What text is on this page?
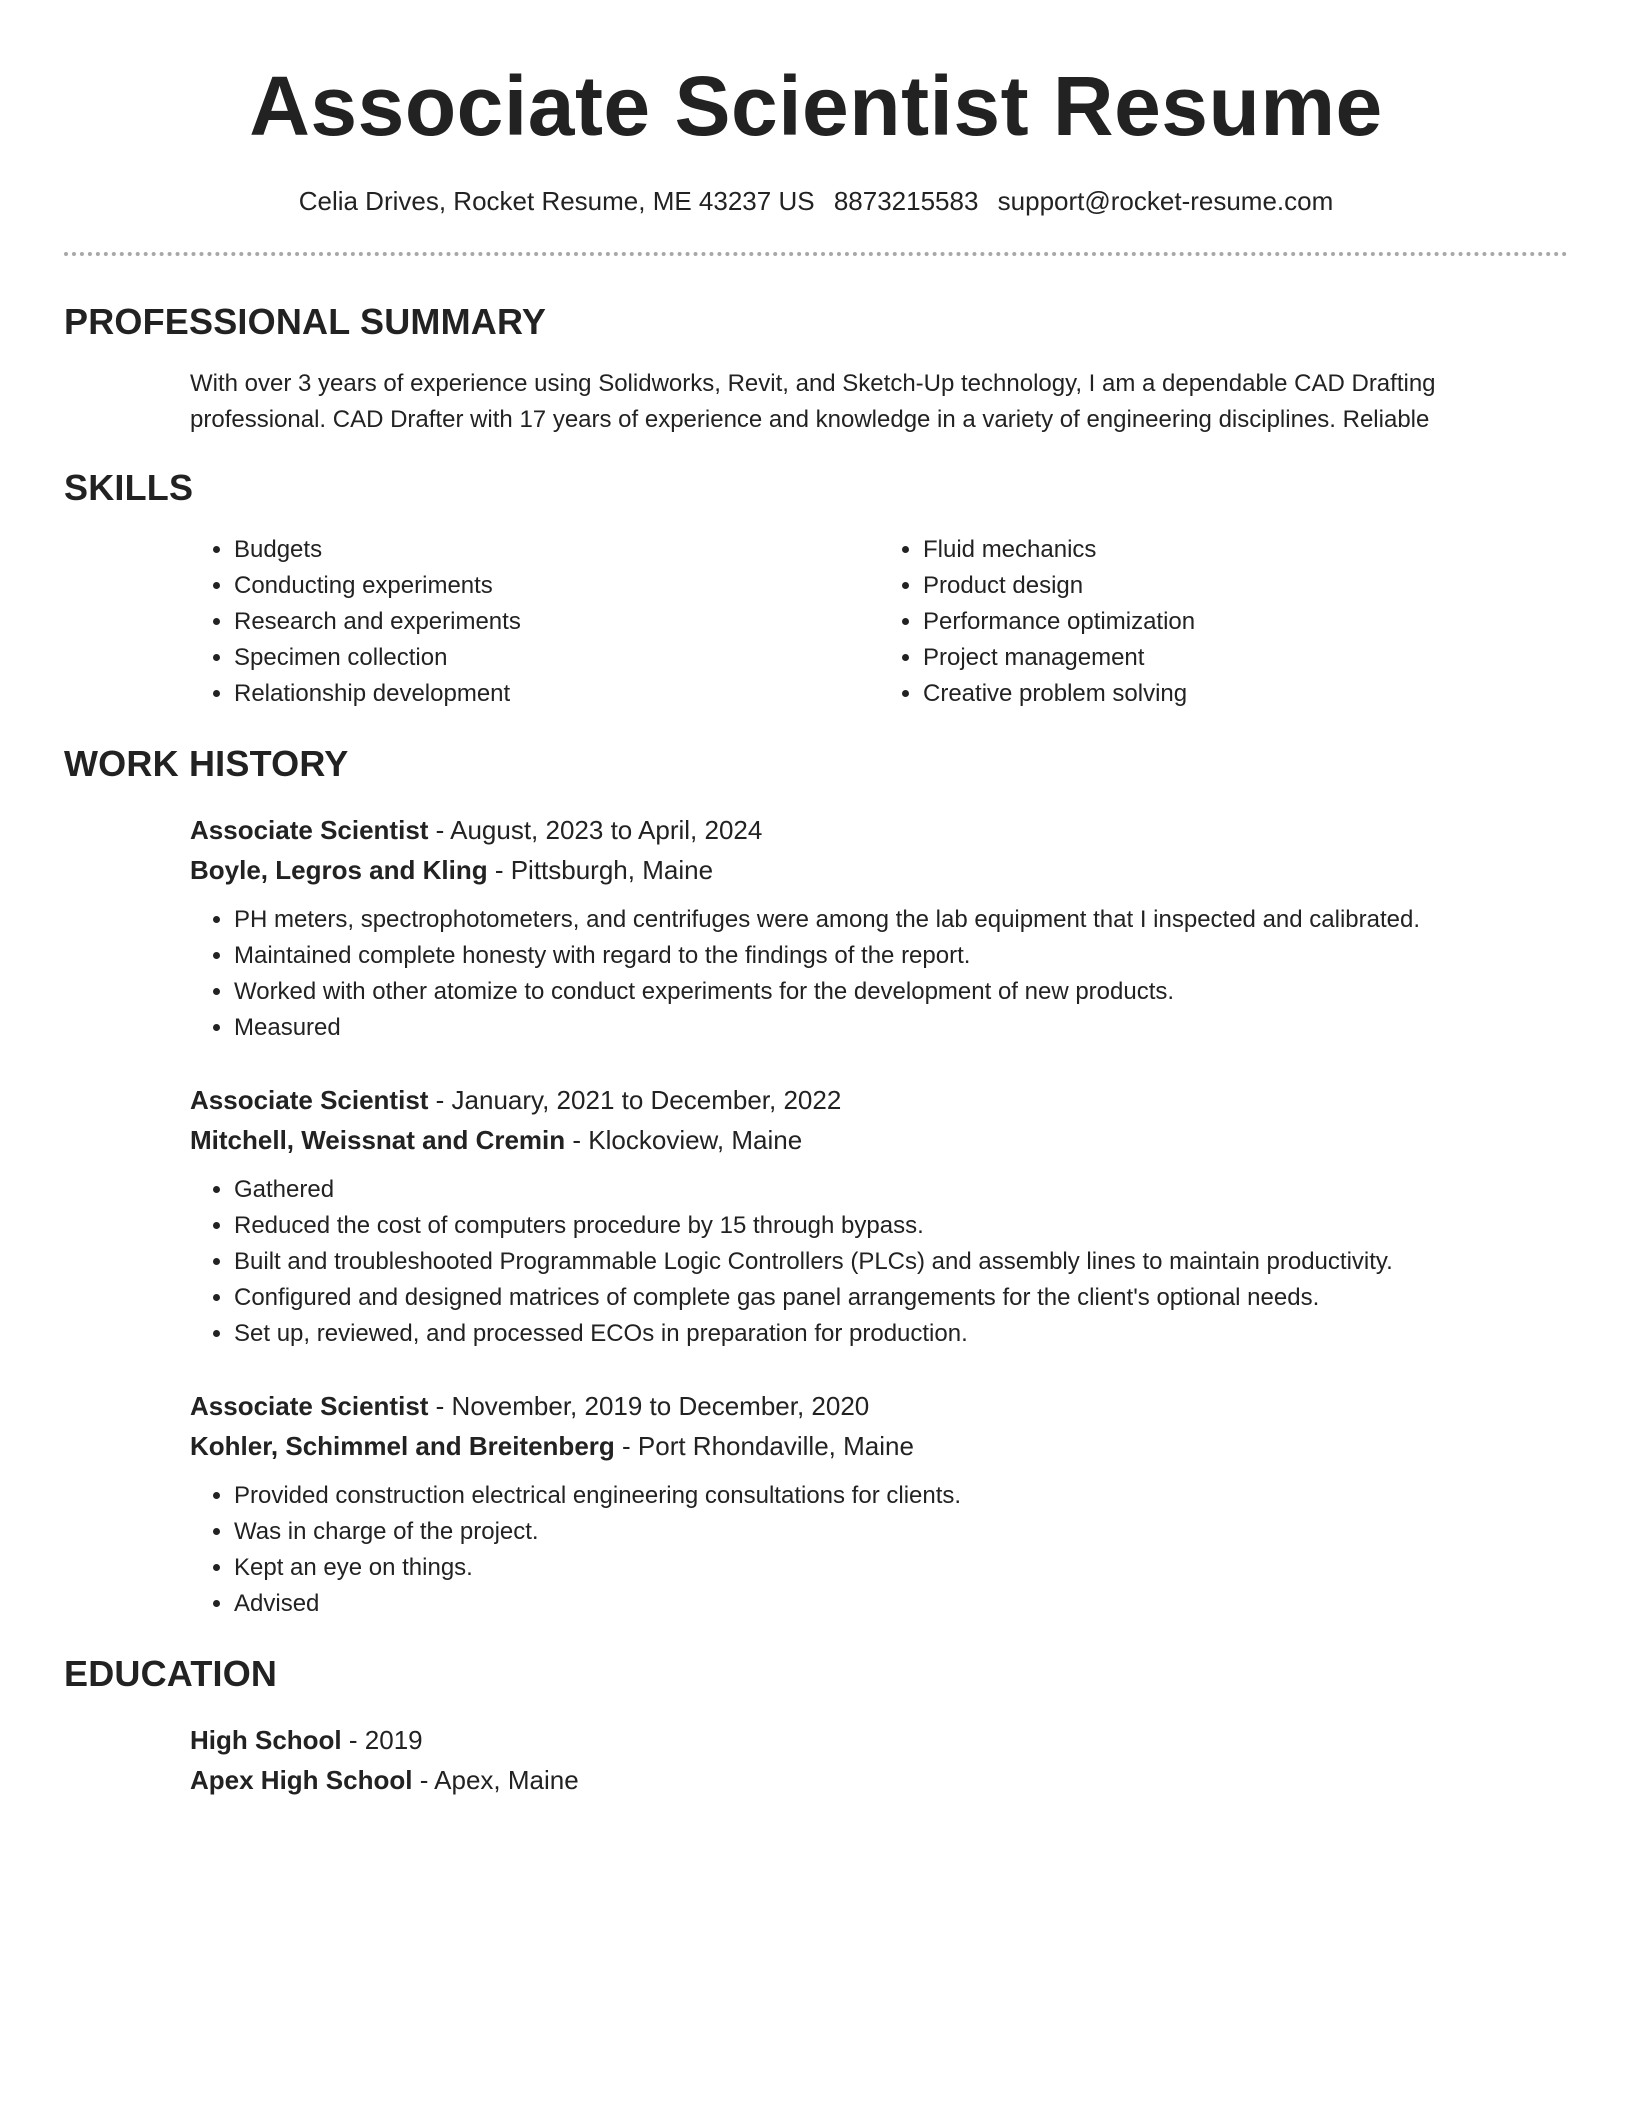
Associate Scientist Resume
Celia Drives, Rocket Resume, ME 43237 US 8873215583 support@rocket-resume.com
PROFESSIONAL SUMMARY
With over 3 years of experience using Solidworks, Revit, and Sketch-Up technology, I am a dependable CAD Drafting professional. CAD Drafter with 17 years of experience and knowledge in a variety of engineering disciplines. Reliable
SKILLS
• Budgets
• Conducting experiments
• Research and experiments
• Specimen collection
• Relationship development
• Fluid mechanics
• Product design
• Performance optimization
• Project management
• Creative problem solving
WORK HISTORY
Associate Scientist - August, 2023 to April, 2024
Boyle, Legros and Kling - Pittsburgh, Maine
• PH meters, spectrophotometers, and centrifuges were among the lab equipment that I inspected and calibrated.
• Maintained complete honesty with regard to the findings of the report.
• Worked with other atomize to conduct experiments for the development of new products.
• Measured
Associate Scientist - January, 2021 to December, 2022
Mitchell, Weissnat and Cremin - Klockoview, Maine
• Gathered
• Reduced the cost of computers procedure by 15 through bypass.
• Built and troubleshooted Programmable Logic Controllers (PLCs) and assembly lines to maintain productivity.
• Configured and designed matrices of complete gas panel arrangements for the client's optional needs.
• Set up, reviewed, and processed ECOs in preparation for production.
Associate Scientist - November, 2019 to December, 2020
Kohler, Schimmel and Breitenberg - Port Rhondaville, Maine
• Provided construction electrical engineering consultations for clients.
• Was in charge of the project.
• Kept an eye on things.
• Advised
EDUCATION
High School - 2019
Apex High School - Apex, Maine
